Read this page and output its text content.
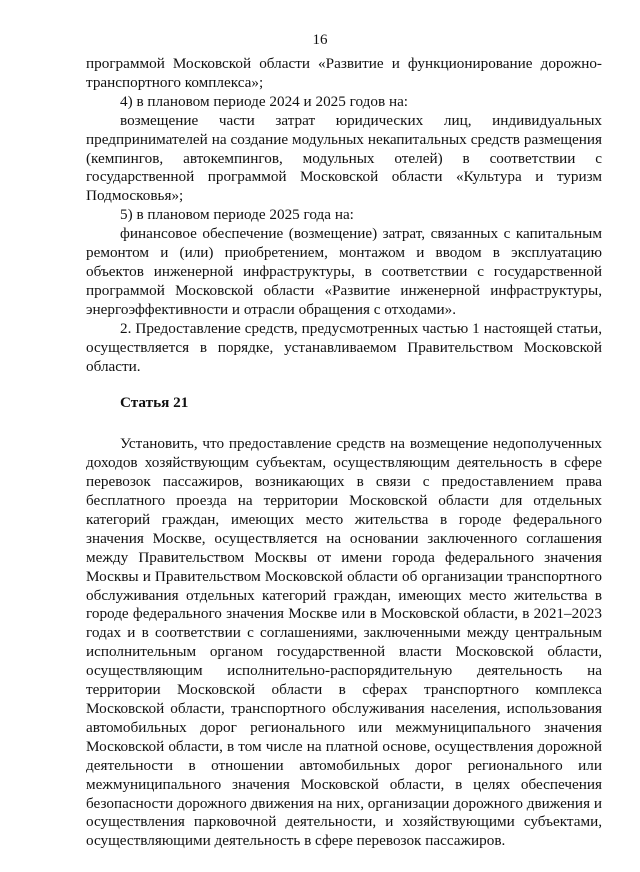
16

программой Московской области «Развитие и функционирование дорожно-транспортного комплекса»;

4) в плановом периоде 2024 и 2025 годов на:

возмещение части затрат юридических лиц, индивидуальных предпринимателей на создание модульных некапитальных средств размещения (кемпингов, автокемпингов, модульных отелей) в соответствии с государственной программой Московской области «Культура и туризм Подмосковья»;

5) в плановом периоде 2025 года на:

финансовое обеспечение (возмещение) затрат, связанных с капитальным ремонтом и (или) приобретением, монтажом и вводом в эксплуатацию объектов инженерной инфраструктуры, в соответствии с государственной программой Московской области «Развитие инженерной инфраструктуры, энергоэффективности и отрасли обращения с отходами».

2. Предоставление средств, предусмотренных частью 1 настоящей статьи, осуществляется в порядке, устанавливаемом Правительством Московской области.

Статья 21

Установить, что предоставление средств на возмещение недополученных доходов хозяйствующим субъектам, осуществляющим деятельность в сфере перевозок пассажиров, возникающих в связи с предоставлением права бесплатного проезда на территории Московской области для отдельных категорий граждан, имеющих место жительства в городе федерального значения Москве, осуществляется на основании заключенного соглашения между Правительством Москвы от имени города федерального значения Москвы и Правительством Московской области об организации транспортного обслуживания отдельных категорий граждан, имеющих место жительства в городе федерального значения Москве или в Московской области, в 2021–2023 годах и в соответствии с соглашениями, заключенными между центральным исполнительным органом государственной власти Московской области, осуществляющим исполнительно-распорядительную деятельность на территории Московской области в сферах транспортного комплекса Московской области, транспортного обслуживания населения, использования автомобильных дорог регионального или межмуниципального значения Московской области, в том числе на платной основе, осуществления дорожной деятельности в отношении автомобильных дорог регионального или межмуниципального значения Московской области, в целях обеспечения безопасности дорожного движения на них, организации дорожного движения и осуществления парковочной деятельности, и хозяйствующими субъектами, осуществляющими деятельность в сфере перевозок пассажиров.
